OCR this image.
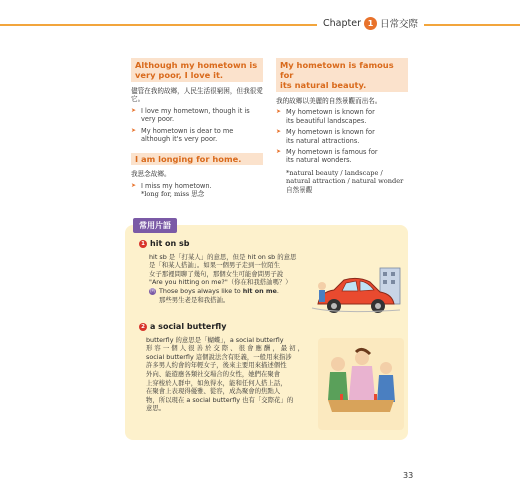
Chapter 1 日常交際
Although my hometown is
very poor, I love it.
儘管在我的故鄉，人民生活很窮困，但我很愛它。
➤ I love my hometown, though it is
very poor.
➤ My hometown is dear to me
although it's very poor.
I am longing for home.
我思念故鄉。
➤ I miss my hometown.
*long for, miss 思念
My hometown is famous for
its natural beauty.
我的故鄉以美麗的自然景觀而出名。
➤ My hometown is known for
its beautiful landscapes.
➤ My hometown is known for
its natural attractions.
➤ My hometown is famous for
its natural wonders.
*natural beauty / landscape /
natural attraction / natural wonder
自然景觀
常用片語
1 hit on sb
hit sb 是「打某人」的意思，但是 hit on sb 的意思
是「和某人搭訕」。如果一個男子走到一位陌生
女子那裡問聊了幾句，那個女生可能會問男子說
"Are you hitting on me?"（你在和我搭訕嗎？）
例 Those boys always like to hit on me.
那些男生老是和我搭訕。
2 a social butterfly
butterfly 的意思是「蝴蝶」，a social butterfly
形 容 一 個 人 很 善 於 交 際 、 很 會 應 酬 ， 最 初 ，
social butterfly 這個說法含有貶義，一般用來指涉
許多男人約會的年輕女子，後來主要用來描述個性
外向、能遊應各類社交場合的女性，她們在聚會
上穿梭於人群中，如魚得水，能和任何人搭上話，
在聚會上表現得優雅、從容，成為聚會的焦點人
物，所以現在 a social butterfly 也有「交際花」的
意思。
33
